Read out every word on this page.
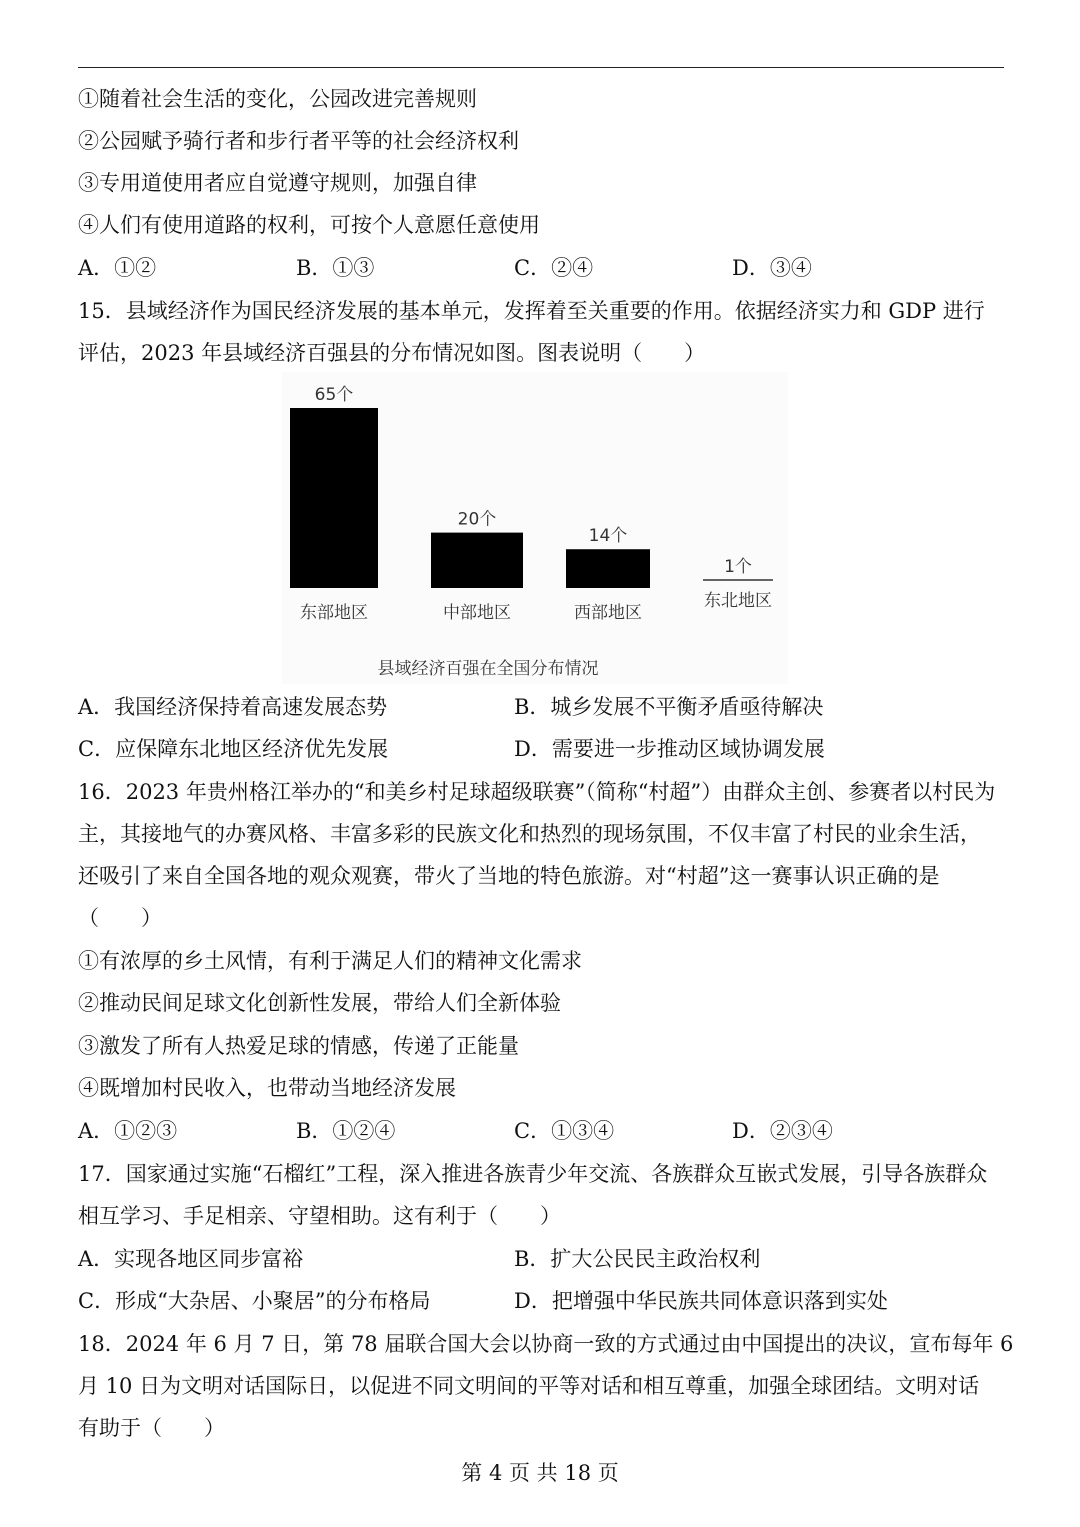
①随着社会生活的变化，公园改进完善规则
②公园赋予骑行者和步行者平等的社会经济权利
③专用道使用者应自觉遵守规则，加强自律
④人们有使用道路的权利，可按个人意愿任意使用
A．①②	B．①③	C．②④	D．③④
15．县域经济作为国民经济发展的基本单元，发挥着至关重要的作用。依据经济实力和 GDP 进行
评估，2023 年县域经济百强县的分布情况如图。图表说明（　　）
65个
东部地区
20个
中部地区
14个
西部地区
1个
东北地区
县域经济百强在全国分布情况
A．我国经济保持着高速发展态势	B．城乡发展不平衡矛盾亟待解决
C．应保障东北地区经济优先发展	D．需要进一步推动区域协调发展
16．2023 年贵州格江举办的“和美乡村足球超级联赛”（简称“村超”）由群众主创、参赛者以村民为
主，其接地气的办赛风格、丰富多彩的民族文化和热烈的现场氛围，不仅丰富了村民的业余生活，
还吸引了来自全国各地的观众观赛，带火了当地的特色旅游。对“村超”这一赛事认识正确的是
（　　）
①有浓厚的乡土风情，有利于满足人们的精神文化需求
②推动民间足球文化创新性发展，带给人们全新体验
③激发了所有人热爱足球的情感，传递了正能量
④既增加村民收入，也带动当地经济发展
A．①②③	B．①②④	C．①③④	D．②③④
17．国家通过实施“石榴红”工程，深入推进各族青少年交流、各族群众互嵌式发展，引导各族群众
相互学习、手足相亲、守望相助。这有利于（　　）
A．实现各地区同步富裕	B．扩大公民民主政治权利
C．形成“大杂居、小聚居”的分布格局	D．把增强中华民族共同体意识落到实处
18．2024 年 6 月 7 日，第 78 届联合国大会以协商一致的方式通过由中国提出的决议，宣布每年 6
月 10 日为文明对话国际日，以促进不同文明间的平等对话和相互尊重，加强全球团结。文明对话
有助于（　　）
第 4 页 共 18 页
